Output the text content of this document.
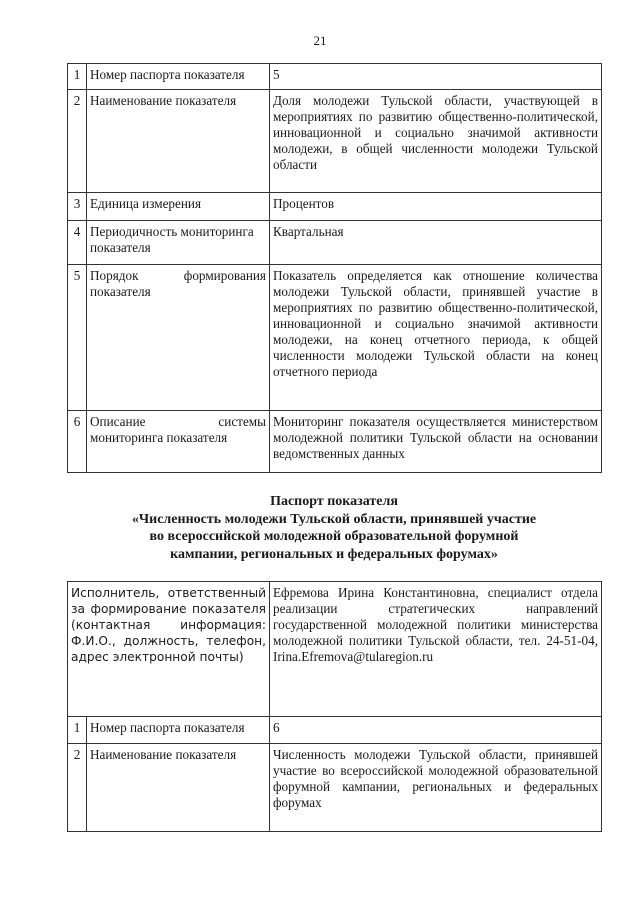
21
1	Номер паспорта показателя	5
2	Наименование показателя	Доля молодежи Тульской области, участвующей в мероприятиях по развитию общественно-политической, инновационной и социально значимой активности молодежи, в общей численности молодежи Тульской области
3	Единица измерения	Процентов
4	Периодичность мониторинга показателя	Квартальная
5	Порядок формирования показателя	Показатель определяется как отношение количества молодежи Тульской области, принявшей участие в мероприятиях по развитию общественно-политической, инновационной и социально значимой активности молодежи, на конец отчетного периода, к общей численности молодежи Тульской области на конец отчетного периода
6	Описание системы мониторинга показателя	Мониторинг показателя осуществляется министерством молодежной политики Тульской области на основании ведомственных данных
Паспорт показателя
«Численность молодежи Тульской области, принявшей участие
во всероссийской молодежной образовательной форумной
кампании, региональных и федеральных форумах»
Исполнитель, ответственный за формирование показателя (контактная информация: Ф.И.О., должность, телефон, адрес электронной почты)		Ефремова Ирина Константиновна, специалист отдела реализации стратегических направлений государственной молодежной политики министерства молодежной политики Тульской области, тел. 24-51-04, Irina.Efremova@tularegion.ru
1	Номер паспорта показателя	6
2	Наименование показателя	Численность молодежи Тульской области, принявшей участие во всероссийской молодежной образовательной форумной кампании, региональных и федеральных форумах
